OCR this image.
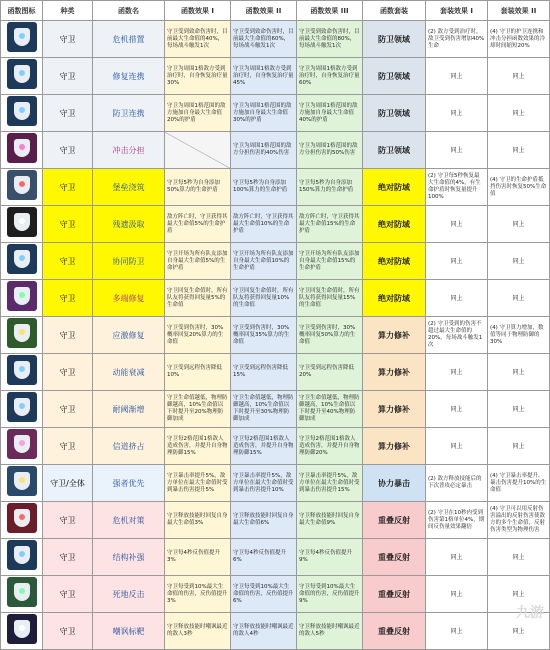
函数图标	种类	函数名	函数效果 I	函数效果 II	函数效果 III	函数套装	套装效果 I	套装效果 II

	守卫	危机措置	守卫受到致命伤害时，目前最大生命值的40%，每场战斗触发1次	守卫受到致命伤害时，目前最大生命值的60%，每场战斗触发1次	守卫受到致命伤害时，目前最大生命值的80%，每场战斗触发1次	防卫领域	(2) 敌方受到治疗时，敌卫受到伤害增加40%生命	(4) 守卫的护卫连携和冲击分担函数效果的冷却时间缩短20%

	守卫	修复连携	守卫为周围1格敌方受到治疗时，自身恢复治疗量30%	守卫为周围1格敌方受到治疗时，自身恢复治疗量45%	守卫为周围1格敌方受到治疗时，自身恢复治疗量60%	防卫领域	同上	同上

	守卫	防卫连携	守卫为周围1格范围的敌方施加自身最大生命值20%的护盾	守卫为周围1格范围的敌方施加自身最大生命值30%的护盾	守卫为周围1格范围的敌方施加自身最大生命值40%的护盾	防卫领域	同上	同上

	守卫	冲击分担		守卫为周围1格范围的敌方分担伤害的40%伤害	守卫为周围1格范围的敌方分担伤害的50%伤害	防卫领域	同上	同上

	守卫	堡垒浇筑	守卫每5秒为自身添加50%算力的生命护盾	守卫每5秒为自身添加100%算力的生命护盾	守卫每5秒为自身添加150%算力的生命护盾	绝对防域	(2) 守卫每5秒恢复最大生命值的4%，有生命护盾时恢复量提升100%	(4) 守卫的生命护盾抵挡伤害时恢复50%生命值

	守卫	残遗汲取	敌方阵亡时，守卫获得其最大生命值5%的生命护盾	敌方阵亡时，守卫获得其最大生命值10%的生命护盾	敌方阵亡时，守卫获得其最大生命值15%的生命护盾	绝对防域	同上	同上

	守卫	协同防卫	守卫开场为所有队友添加自身最大生命值5%的生命护盾	守卫开场为所有队友添加自身最大生命值10%的生命护盾	守卫开场为所有队友添加自身最大生命值15%的生命护盾	绝对防域	同上	同上

	守卫	多端修复	守卫回复生命值时，所有队友将获得回复量5%的生命值	守卫回复生命值时，所有队友将获得回复量10%的生命值	守卫回复生命值时，所有队友将获得回复量15%的生命值	绝对防域	同上	同上

	守卫	应激修复	守卫受到伤害时，30%概率回复20%算力的生命值	守卫受到伤害时，30%概率回复35%算力的生命值	守卫受到伤害时，30%概率回复50%算力的生命值	算力修补	(2) 守卫受到的伤害不超过最大生命值的20%，每场战斗触发1次	(4) 守卫算力增加，数值等同于物理防御的30%

	守卫	动能衰减	守卫受到远程伤害降低10%	守卫受到远程伤害降低15%	守卫受到远程伤害降低20%	算力修补	同上	同上

	守卫	耐阈渐增	守卫生命值越低，物理防御越高，10%生命值以下时提升至20%物理防御加成	守卫生命值越低，物理防御越高，10%生命值以下时提升至30%物理防御加成	守卫生命值越低，物理防御越高，10%生命值以下时提升至40%物理防御加成	算力修补	同上	同上

	守卫	信道挤占	守卫每2格范围1格敌人造成伤害，并提升自身物理防御15%	守卫每2格范围1格敌人造成伤害，并提升自身物理防御15%	守卫每2格范围1格敌人造成伤害，并提升自身物理防御20%	算力修补	同上	同上

	守卫/全体	强者优先	守卫暴击率提升5%，敌方单位在最大生命值时受到暴击伤害提升5%	守卫暴击率提升5%，敌方单位在最大生命值时受到暴击伤害提升10%	守卫暴击率提升5%，敌方单位在最大生命值时受到暴击伤害提升15%	协力暴击	(2) 敌方释放技能后的下次普攻必定暴击	(4) 守卫暴击率提升，暴击伤害提升10%的生命值

	守卫	危机对策	守卫释放技能时回复自身最大生命值3%	守卫释放技能时回复自身最大生命值6%	守卫释放技能时回复自身最大生命值9%	重叠反射	(2) 守卫在10秒内受到伤害第1格单位4%，期间反伤量效果翻倍	(4) 守卫可以用反射伤害溢出的反射伤害使敌方的多个生命值，反射伤害类型为物理伤害

	守卫	结构补强	守卫每4秒反伤值提升3%	守卫每4秒反伤值提升6%	守卫每4秒反伤值提升9%	重叠反射	同上	同上

	守卫	死地反击	守卫每受到10%最大生命值的伤害，反伤值提升3%	守卫每受到10%最大生命值的伤害，反伤值提升6%	守卫每受到10%最大生命值的伤害，反伤值提升9%	重叠反射	同上	同上

	守卫	嘲讽标靶	守卫释放技能时嘲讽最近的敌人3秒	守卫释放技能时嘲讽最近的敌人4秒	守卫释放技能时嘲讽最近的敌人5秒	重叠反射	同上	同上
九游
